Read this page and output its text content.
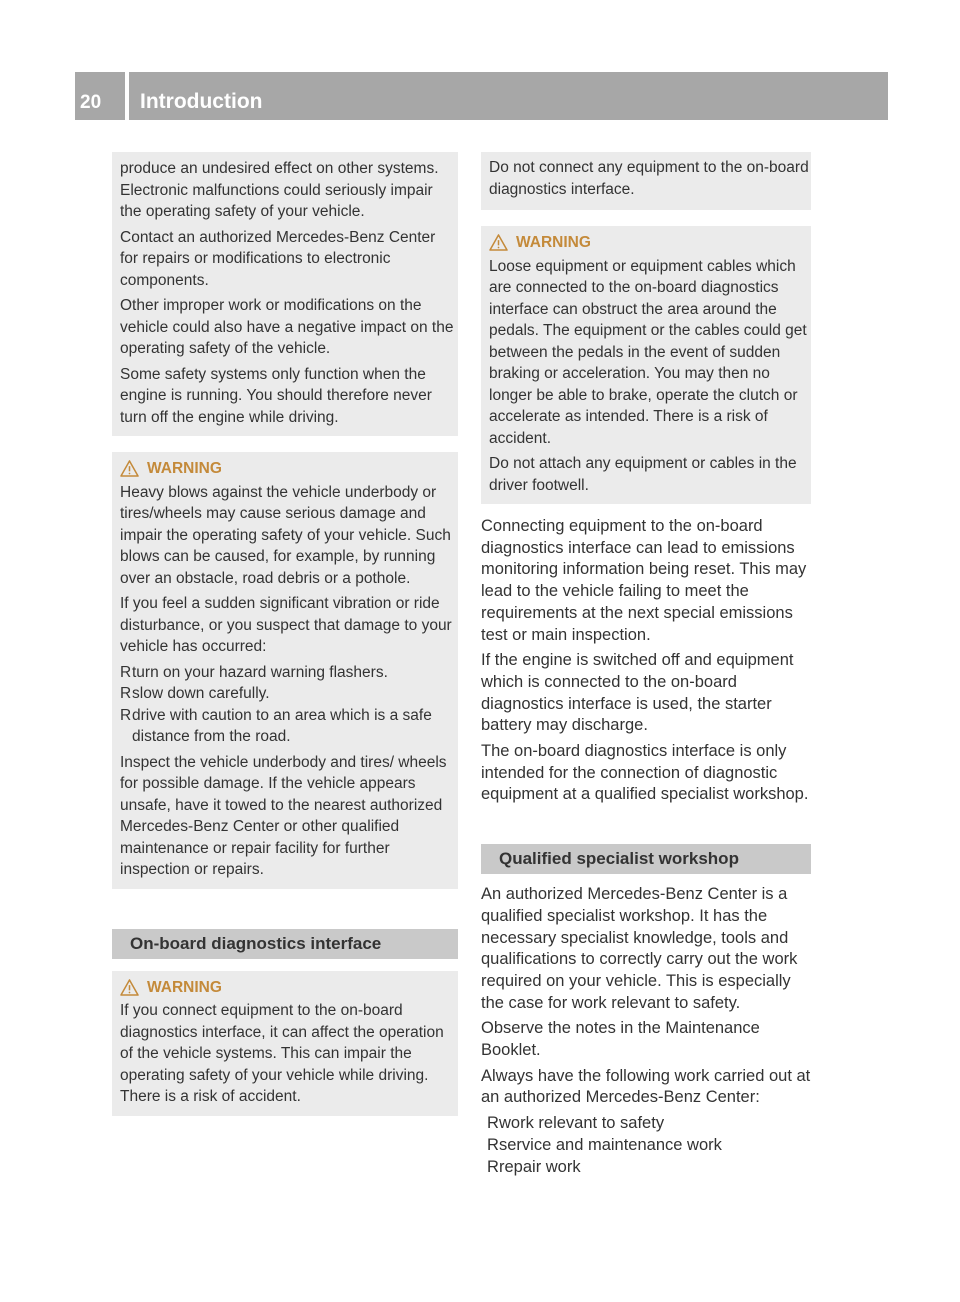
20	Introduction

produce an undesired effect on other systems. Electronic malfunctions could seriously impair the operating safety of your vehicle.

Contact an authorized Mercedes-Benz Center for repairs or modifications to electronic components.

Other improper work or modifications on the vehicle could also have a negative impact on the operating safety of the vehicle.

Some safety systems only function when the engine is running. You should therefore never turn off the engine while driving.

WARNING

Heavy blows against the vehicle underbody or tires/wheels may cause serious damage and impair the operating safety of your vehicle. Such blows can be caused, for example, by running over an obstacle, road debris or a pothole.

If you feel a sudden significant vibration or ride disturbance, or you suspect that damage to your vehicle has occurred:

R turn on your hazard warning flashers.
R slow down carefully.
R drive with caution to an area which is a safe distance from the road.

Inspect the vehicle underbody and tires/ wheels for possible damage. If the vehicle appears unsafe, have it towed to the nearest authorized Mercedes-Benz Center or other qualified maintenance or repair facility for further inspection or repairs.

On-board diagnostics interface
WARNING

If you connect equipment to the on-board diagnostics interface, it can affect the operation of the vehicle systems. This can impair the operating safety of your vehicle while driving. There is a risk of accident.

Do not connect any equipment to the on-board diagnostics interface.

WARNING

Loose equipment or equipment cables which are connected to the on-board diagnostics interface can obstruct the area around the pedals. The equipment or the cables could get between the pedals in the event of sudden braking or acceleration. You may then no longer be able to brake, operate the clutch or accelerate as intended. There is a risk of accident.

Do not attach any equipment or cables in the driver footwell.

Connecting equipment to the on-board diagnostics interface can lead to emissions monitoring information being reset. This may lead to the vehicle failing to meet the requirements at the next special emissions test or main inspection.

If the engine is switched off and equipment which is connected to the on-board diagnostics interface is used, the starter battery may discharge.

The on-board diagnostics interface is only intended for the connection of diagnostic equipment at a qualified specialist workshop.

Qualified specialist workshop

An authorized Mercedes-Benz Center is a qualified specialist workshop. It has the necessary specialist knowledge, tools and qualifications to correctly carry out the work required on your vehicle. This is especially the case for work relevant to safety.

Observe the notes in the Maintenance Booklet.

Always have the following work carried out at an authorized Mercedes-Benz Center:

R work relevant to safety
R service and maintenance work
R repair work
